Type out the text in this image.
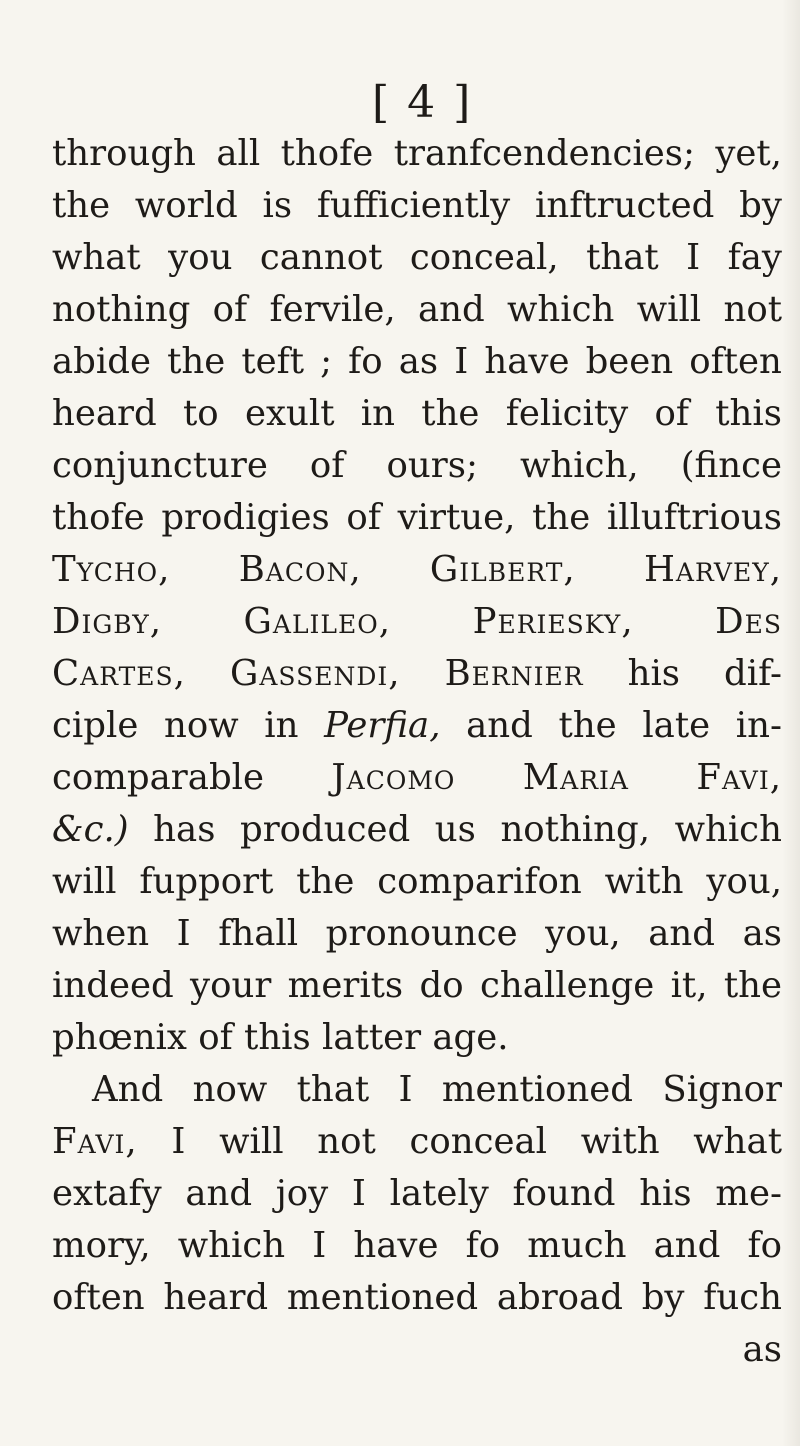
[ 4 ]
through all thofe tranfcendencies; yet,
the world is fufficiently inftructed by
what you cannot conceal, that I fay
nothing of fervile, and which will not
abide the teft ; fo as I have been often
heard to exult in the felicity of this
conjuncture of ours; which, (fince
thofe prodigies of virtue, the illuftrious
Tycho, Bacon, Gilbert, Harvey,
Digby, Galileo, Periesky, Des
Cartes, Gassendi, Bernier his dif-
ciple now in Perfia, and the late in-
comparable Jacomo Maria Favi,
&c.) has produced us nothing, which
will fupport the comparifon with you,
when I fhall pronounce you, and as
indeed your merits do challenge it, the
phœnix
of
this
latter
age.
And now that I mentioned Signor
Favi, I will not conceal with what
extafy and joy I lately found his me-
mory, which I have fo much and fo
often heard mentioned abroad by fuch
as
